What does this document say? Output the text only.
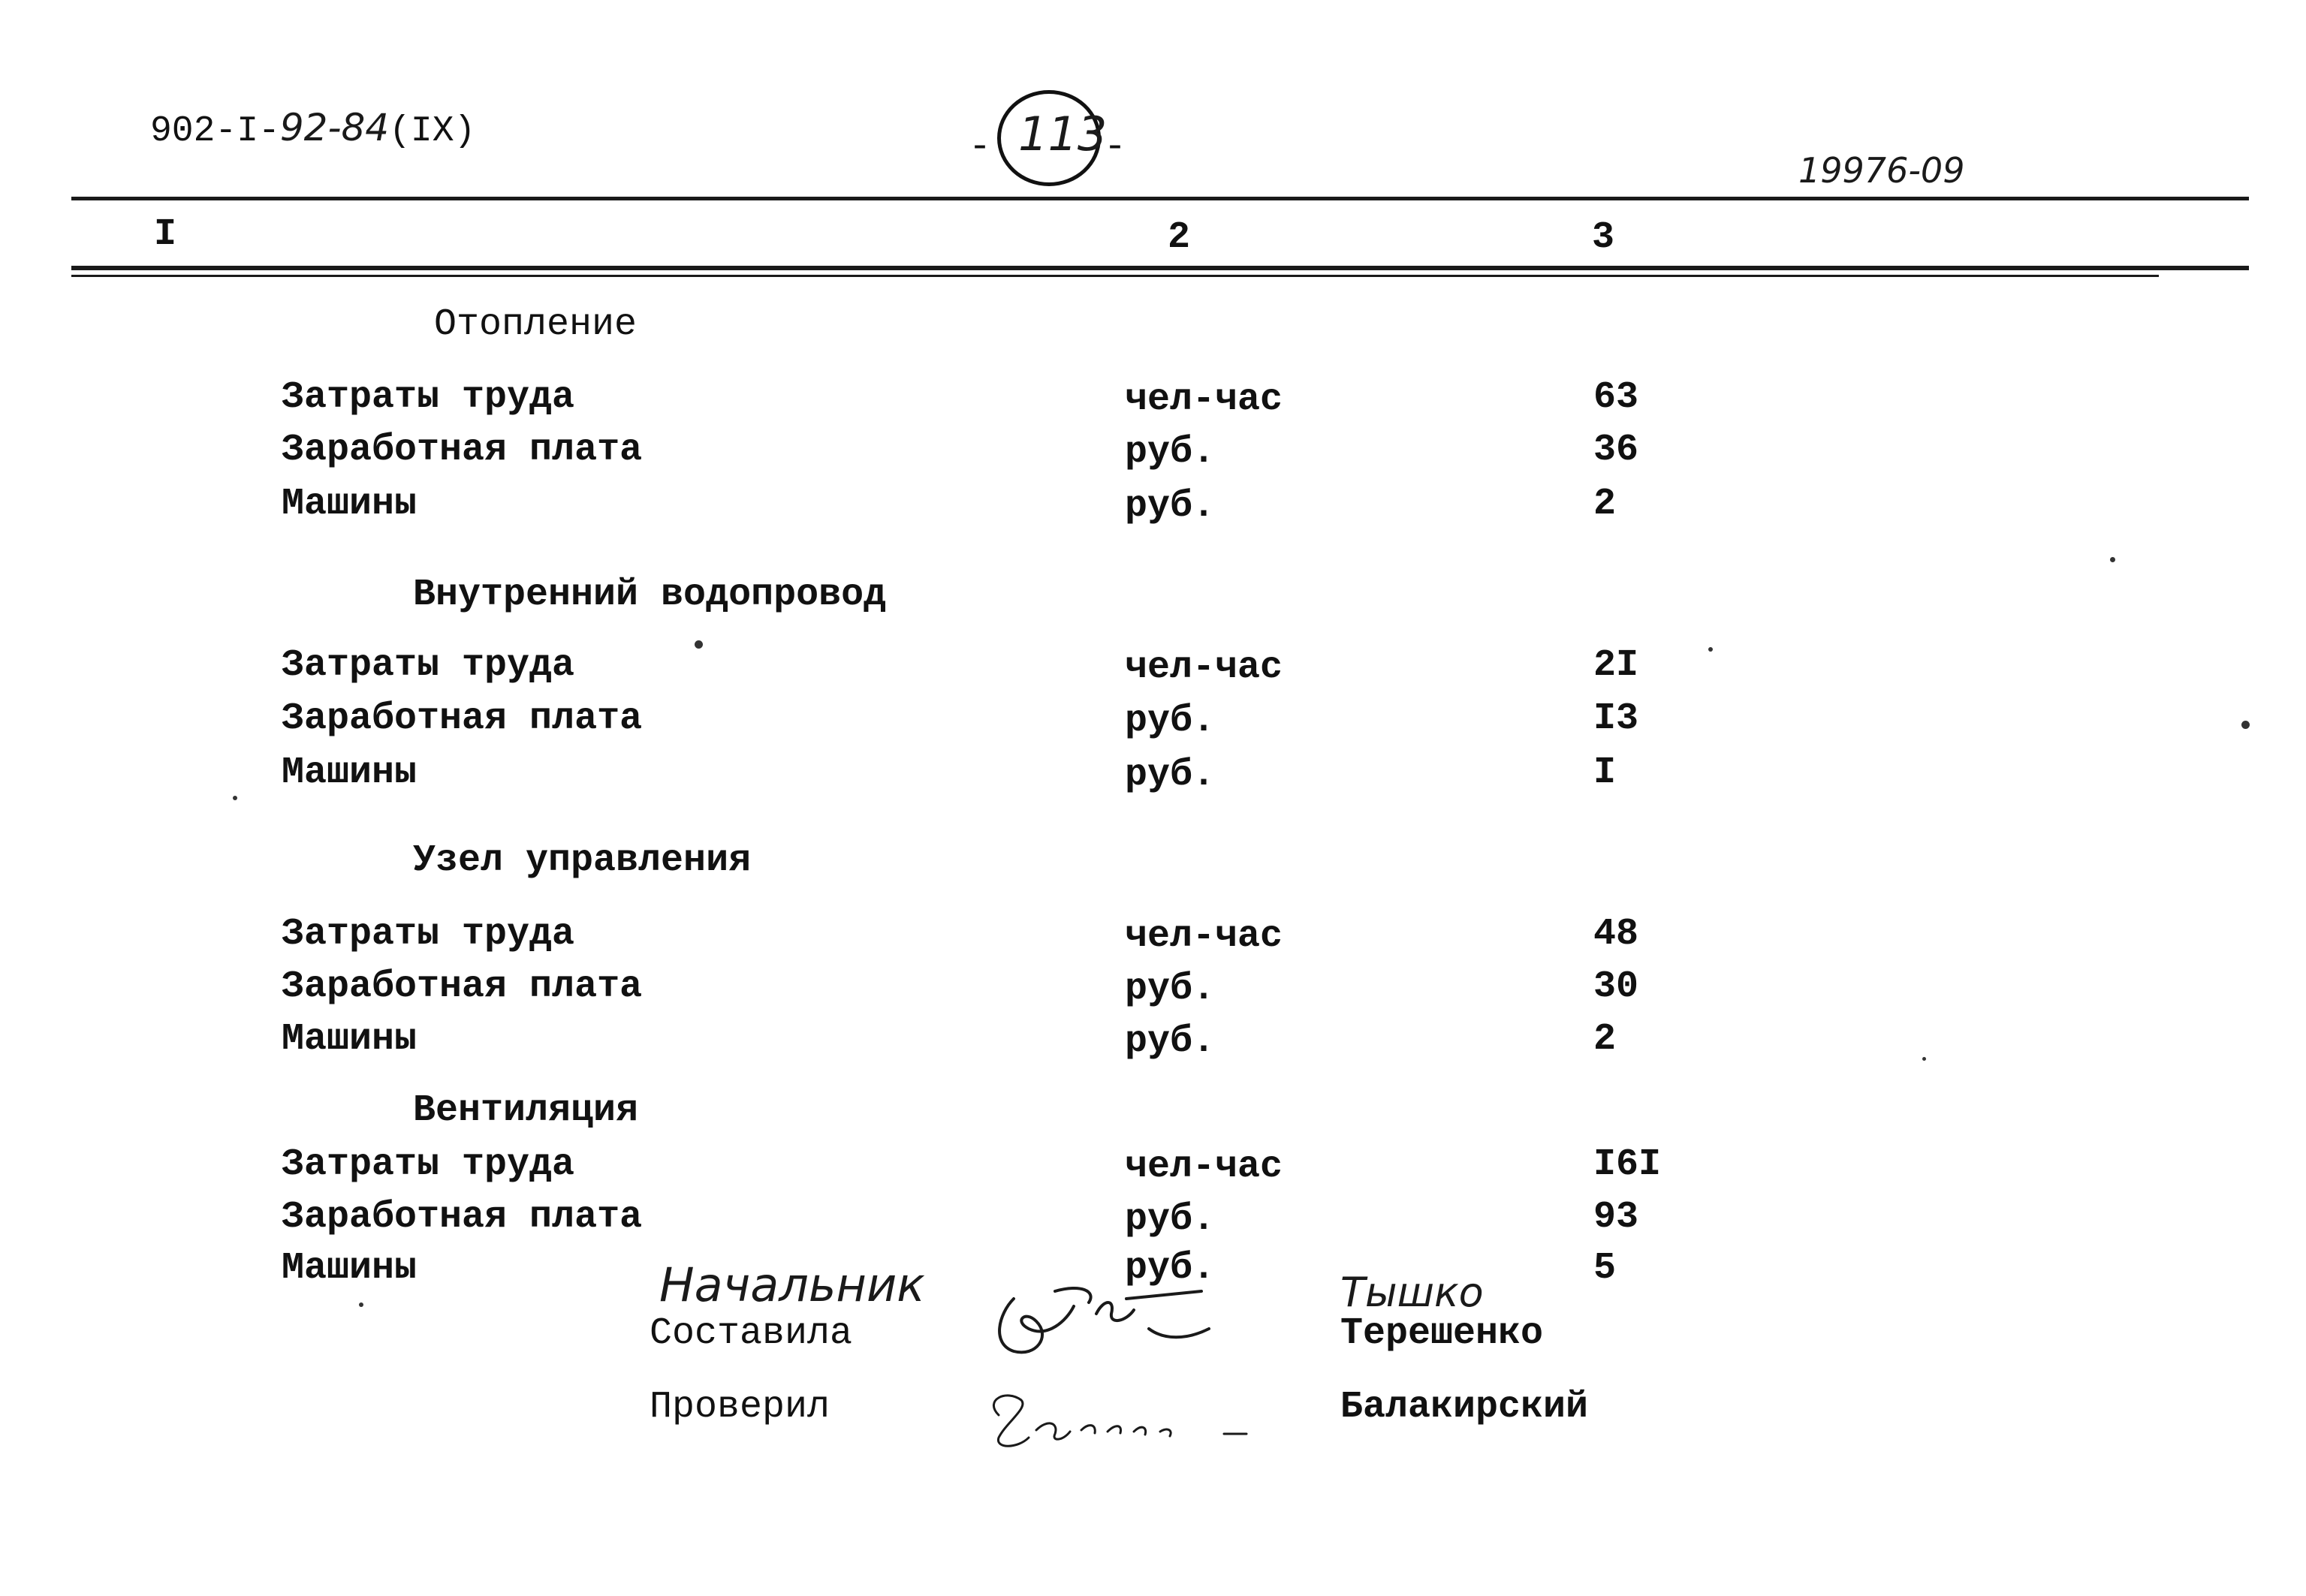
902-I-92-84(IX)	- 113
-
19976-09
I	2	3
Отопление
Затраты труда	чел-час	63
Заработная плата	руб.	36
Машины	руб.	2
Внутренний водопровод
Затраты труда	чел-час	2I
Заработная плата	руб.	I3
Машины	руб.	I
Узел управления
Затраты труда	чел-час	48
Заработная плата	руб.	30
Машины	руб.	2
Вентиляция
Затраты труда	чел-час	I6I
Заработная плата	руб.	93
Машины	руб.	5
Начальник	Тышко
Составила	Терешенко
Проверил	Балакирский
